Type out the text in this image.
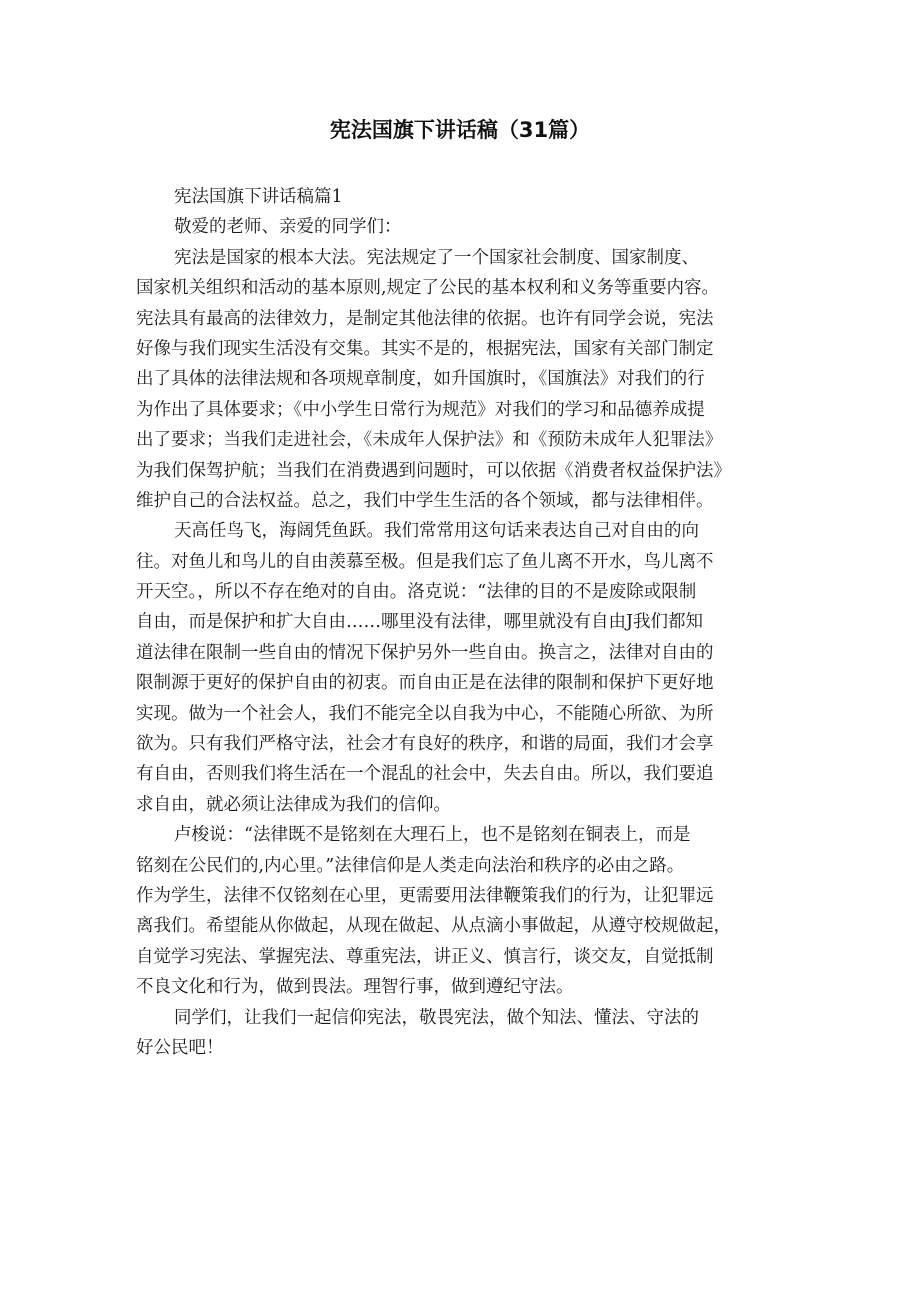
宪法国旗下讲话稿（31篇）
宪法国旗下讲话稿篇1
敬爱的老师、亲爱的同学们：
宪法是国家的根本大法。宪法规定了一个国家社会制度、国家制度、
国家机关组织和活动的基本原则,规定了公民的基本权利和义务等重要内容。
宪法具有最高的法律效力，是制定其他法律的依据。也许有同学会说，宪法
好像与我们现实生活没有交集。其实不是的，根据宪法，国家有关部门制定
出了具体的法律法规和各项规章制度，如升国旗时，《国旗法》对我们的行
为作出了具体要求；《中小学生日常行为规范》对我们的学习和品德养成提
出了要求；当我们走进社会，《未成年人保护法》和《预防未成年人犯罪法》
为我们保驾护航；当我们在消费遇到问题时，可以依据《消费者权益保护法》
维护自己的合法权益。总之，我们中学生生活的各个领域，都与法律相伴。
天高任鸟飞，海阔凭鱼跃。我们常常用这句话来表达自己对自由的向
往。对鱼儿和鸟儿的自由羡慕至极。但是我们忘了鱼儿离不开水，鸟儿离不
开天空。，所以不存在绝对的自由。洛克说：“法律的目的不是废除或限制
自由，而是保护和扩大自由……哪里没有法律，哪里就没有自由J我们都知
道法律在限制一些自由的情况下保护另外一些自由。换言之，法律对自由的
限制源于更好的保护自由的初衷。而自由正是在法律的限制和保护下更好地
实现。做为一个社会人，我们不能完全以自我为中心，不能随心所欲、为所
欲为。只有我们严格守法，社会才有良好的秩序，和谐的局面，我们才会享
有自由，否则我们将生活在一个混乱的社会中，失去自由。所以，我们要追
求自由，就必须让法律成为我们的信仰。
卢梭说：“法律既不是铭刻在大理石上，也不是铭刻在铜表上，而是
铭刻在公民们的,内心里。”法律信仰是人类走向法治和秩序的必由之路。
作为学生，法律不仅铭刻在心里，更需要用法律鞭策我们的行为，让犯罪远
离我们。希望能从你做起，从现在做起、从点滴小事做起，从遵守校规做起，
自觉学习宪法、掌握宪法、尊重宪法，讲正义、慎言行，谈交友，自觉抵制
不良文化和行为，做到畏法。理智行事，做到遵纪守法。
同学们，让我们一起信仰宪法，敬畏宪法，做个知法、懂法、守法的
好公民吧！
